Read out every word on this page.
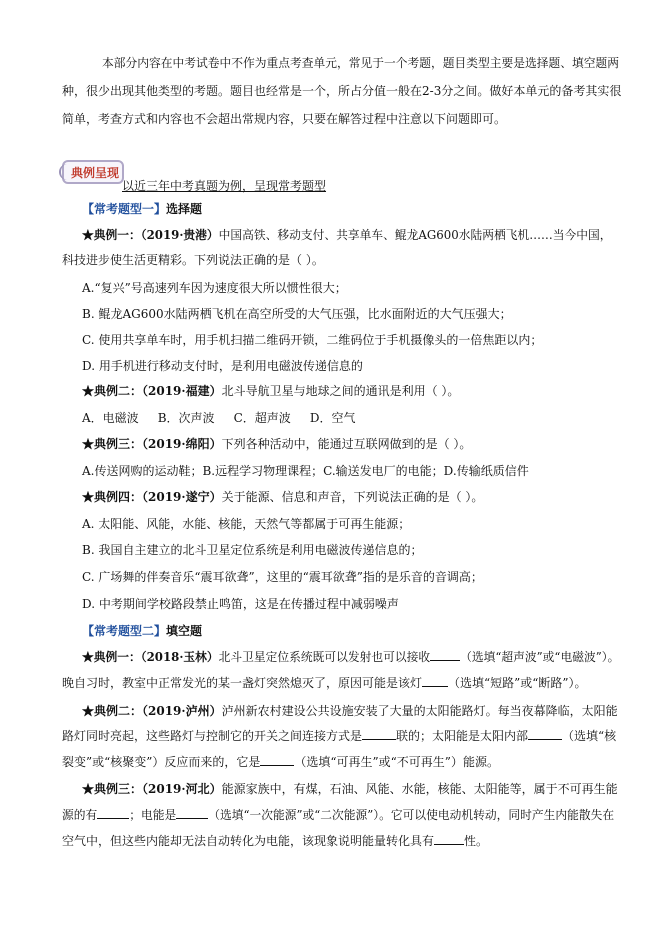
本部分内容在中考试卷中不作为重点考查单元，常见于一个考题，题目类型主要是选择题、填空题两
种，很少出现其他类型的考题。题目也经常是一个，所占分值一般在2-3分之间。做好本单元的备考其实很
简单，考查方式和内容也不会超出常规内容，只要在解答过程中注意以下问题即可。
典例呈现
以近三年中考真题为例，呈现常考题型
【常考题型一】选择题
★典例一：（2019·贵港）中国高铁、移动支付、共享单车、鲲龙AG600水陆两栖飞机……当今中国，
科技进步使生活更精彩。下列说法正确的是（ ）。
A.“复兴”号高速列车因为速度很大所以惯性很大；
B. 鲲龙AG600水陆两栖飞机在高空所受的大气压强，比水面附近的大气压强大；
C. 使用共享单车时，用手机扫描二维码开锁，二维码位于手机摄像头的一倍焦距以内；
D. 用手机进行移动支付时，是利用电磁波传递信息的
★典例二：（2019·福建）北斗导航卫星与地球之间的通讯是利用（ ）。
A．电磁波     B．次声波     C．超声波     D．空气
★典例三：（2019·绵阳）下列各种活动中，能通过互联网做到的是（ ）。
A.传送网购的运动鞋；B.远程学习物理课程；C.输送发电厂的电能；D.传输纸质信件
★典例四：（2019·遂宁）关于能源、信息和声音，下列说法正确的是（ ）。
A. 太阳能、风能，水能、核能，天然气等都属于可再生能源；
B. 我国自主建立的北斗卫星定位系统是利用电磁波传递信息的；
C. 广场舞的伴奏音乐“震耳欲聋”，这里的“震耳欲聋”指的是乐音的音调高；
D. 中考期间学校路段禁止鸣笛，这是在传播过程中减弱噪声
【常考题型二】填空题
★典例一：（2018·玉林）北斗卫星定位系统既可以发射也可以接收	（选填“超声波”或“电磁波”）。
晚自习时，教室中正常发光的某一盏灯突然熄灭了，原因可能是该灯 （选填“短路”或“断路”）。
★典例二：（2019·泸州）泸州新农村建设公共设施安装了大量的太阳能路灯。每当夜幕降临，太阳能
路灯同时亮起，这些路灯与控制它的开关之间连接方式是	联的；太阳能是太阳内部	（选填“核
裂变”或“核聚变”）反应而来的，它是	（选填“可再生”或“不可再生”）能源。
★典例三：（2019·河北）能源家族中，有煤，石油、风能、水能，核能、太阳能等，属于不可再生能
源的有	；电能是	（选填“一次能源”或“二次能源”）。它可以使电动机转动，同时产生内能散失在
空气中，但这些内能却无法自动转化为电能，该现象说明能量转化具有	性。
